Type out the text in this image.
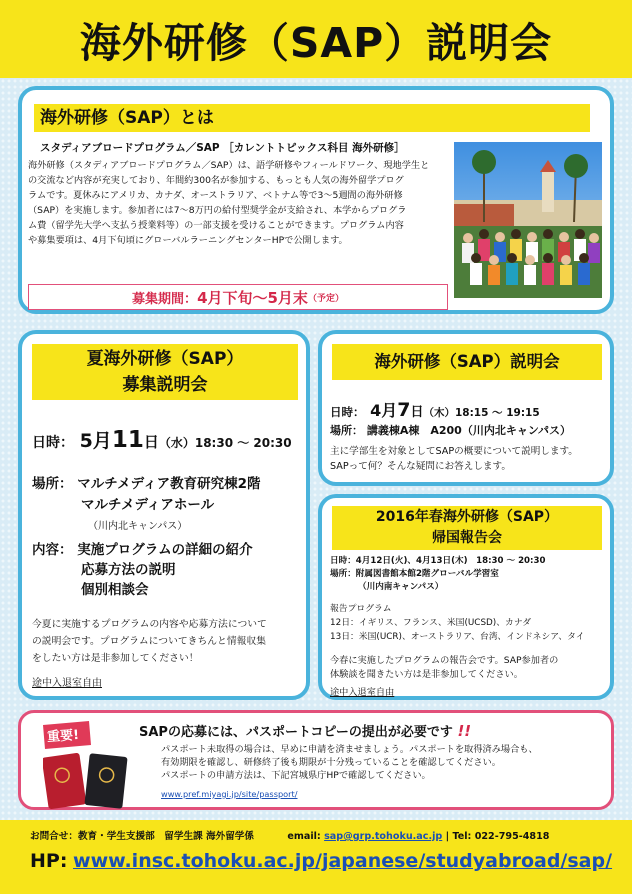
海外研修（SAP）説明会
海外研修（SAP）とは
スタディアブロードプログラム／SAP ［カレントトピックス科目 海外研修］
海外研修（スタディアブロードプログラム／SAP）は、語学研修やフィールドワーク、現地学生と
の交流など内容が充実しており、年間約300名が参加する、もっとも人気の海外留学プログ
ラムです。夏休みにアメリカ、カナダ、オーストラリア、ベトナム等で3～5週間の海外研修
（SAP）を実施します。参加者には7～8万円の給付型奨学金が支給され、本学からプログラ
ム費（留学先大学へ支払う授業料等）の一部支援を受けることができます。プログラム内容
や募集要項は、4月下旬頃にグローバルラーニングセンターHPで公開します。
募集期間： 4月下旬～5月末 （予定）
夏海外研修（SAP）
募集説明会
日時： 5月11日（水）18:30 ～ 20:30
場所： マルチメディア教育研究棟2階
マルチメディアホール
（川内北キャンパス）
内容： 実施プログラムの詳細の紹介
応募方法の説明
個別相談会
今夏に実施するプログラムの内容や応募方法について
の説明会です。プログラムについてきちんと情報収集
をしたい方は是非参加してください！
途中入退室自由
海外研修（SAP）説明会
日時： 4月7日（木）18:15 ～ 19:15
場所： 講義棟A棟　A200（川内北キャンパス）
主に学部生を対象としてSAPの概要について説明します。
SAPって何？そんな疑問にお答えします。
2016年春海外研修（SAP）
帰国報告会
日時：4月12日(火)、4月13日(木)　18:30 ～ 20:30
場所：附属図書館本館2階グローバル学習室
（川内南キャンパス）
報告プログラム
12日：イギリス、フランス、米国(UCSD)、カナダ
13日：米国(UCR)、オーストラリア、台湾、インドネシア、タイ
今春に実施したプログラムの報告会です。SAP参加者の
体験談を聞きたい方は是非参加してください。
途中入退室自由
重要!	SAPの応募には、パスポートコピーの提出が必要です !!
パスポート未取得の場合は、早めに申請を済ませましょう。パスポートを取得済み場合も、
有効期限を確認し、研修終了後も期限が十分残っていることを確認してください。
パスポートの申請方法は、下記宮城県庁HPで確認してください。
www.pref.miyagi.jp/site/passport/
お問合せ：教育・学生支援部　留学生課 海外留学係	email: sap@grp.tohoku.ac.jp | Tel: 022-795-4818
HP: www.insc.tohoku.ac.jp/japanese/studyabroad/sap/
